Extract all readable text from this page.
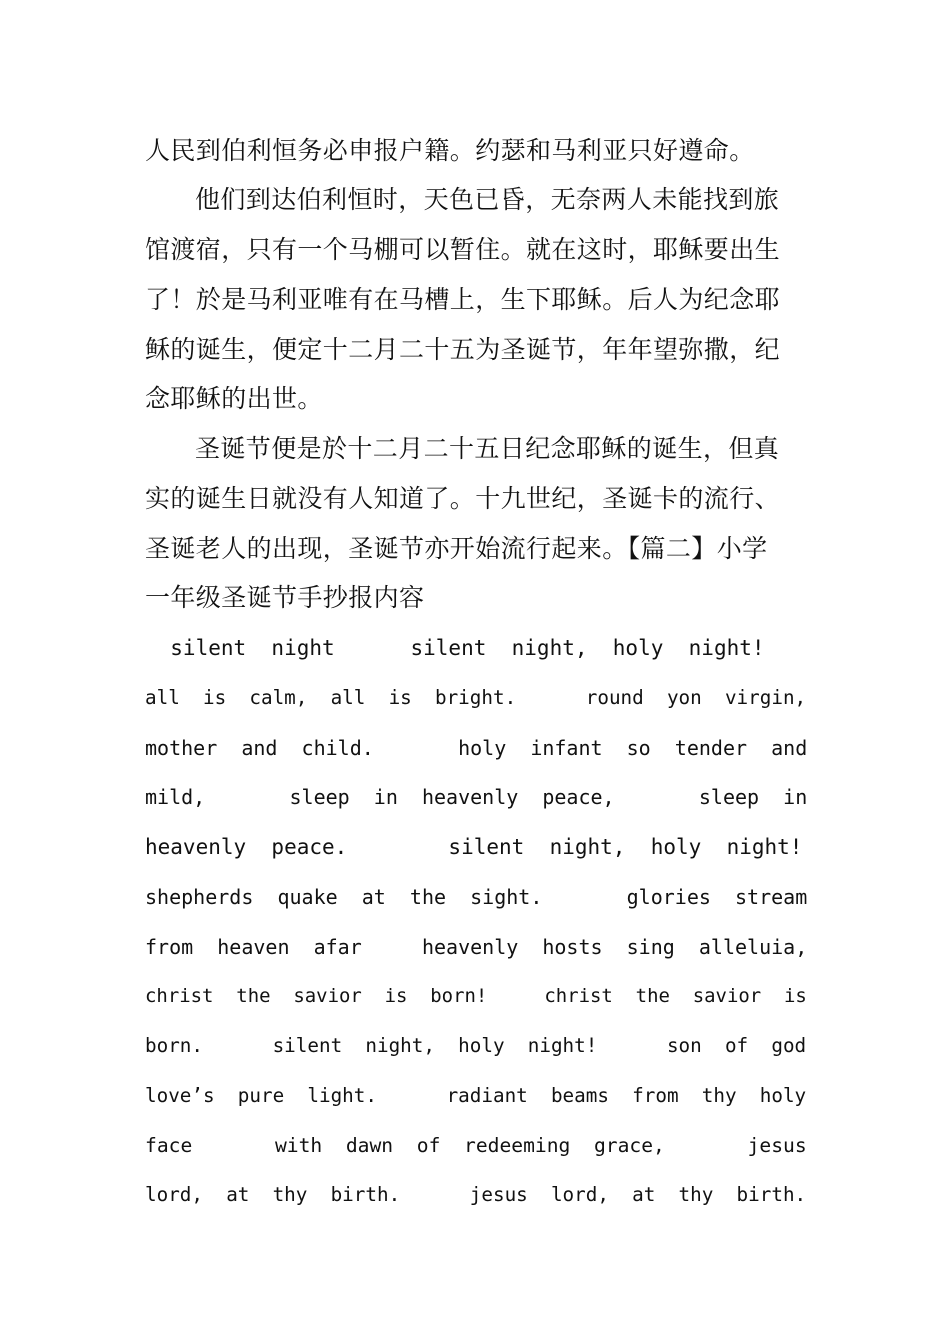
人民到伯利恒务必申报户籍。约瑟和马利亚只好遵命。
他们到达伯利恒时，天色已昏，无奈两人未能找到旅
馆渡宿，只有一个马棚可以暂住。就在这时，耶稣要出生
了！於是马利亚唯有在马槽上，生下耶稣。后人为纪念耶
稣的诞生，便定十二月二十五为圣诞节，年年望弥撒，纪
念耶稣的出世。
圣诞节便是於十二月二十五日纪念耶稣的诞生，但真
实的诞生日就没有人知道了。十九世纪，圣诞卡的流行、
圣诞老人的出现，圣诞节亦开始流行起来。【篇二】小学
一年级圣诞节手抄报内容
silent  night      silent  night,  holy  night!
all  is  calm,  all  is  bright.      round  yon  virgin,
mother  and  child.       holy  infant  so  tender  and
mild,       sleep  in  heavenly  peace,       sleep  in
heavenly  peace.        silent  night,  holy  night!
shepherds  quake  at  the  sight.       glories  stream
from  heaven  afar     heavenly  hosts  sing  alleluia,
christ  the  savior  is  born!     christ  the  savior  is
born.      silent  night,  holy  night!      son  of  god
love’s  pure  light.      radiant  beams  from  thy  holy
face       with  dawn  of  redeeming  grace,       jesus
lord,  at  thy  birth.      jesus  lord,  at  thy  birth.
